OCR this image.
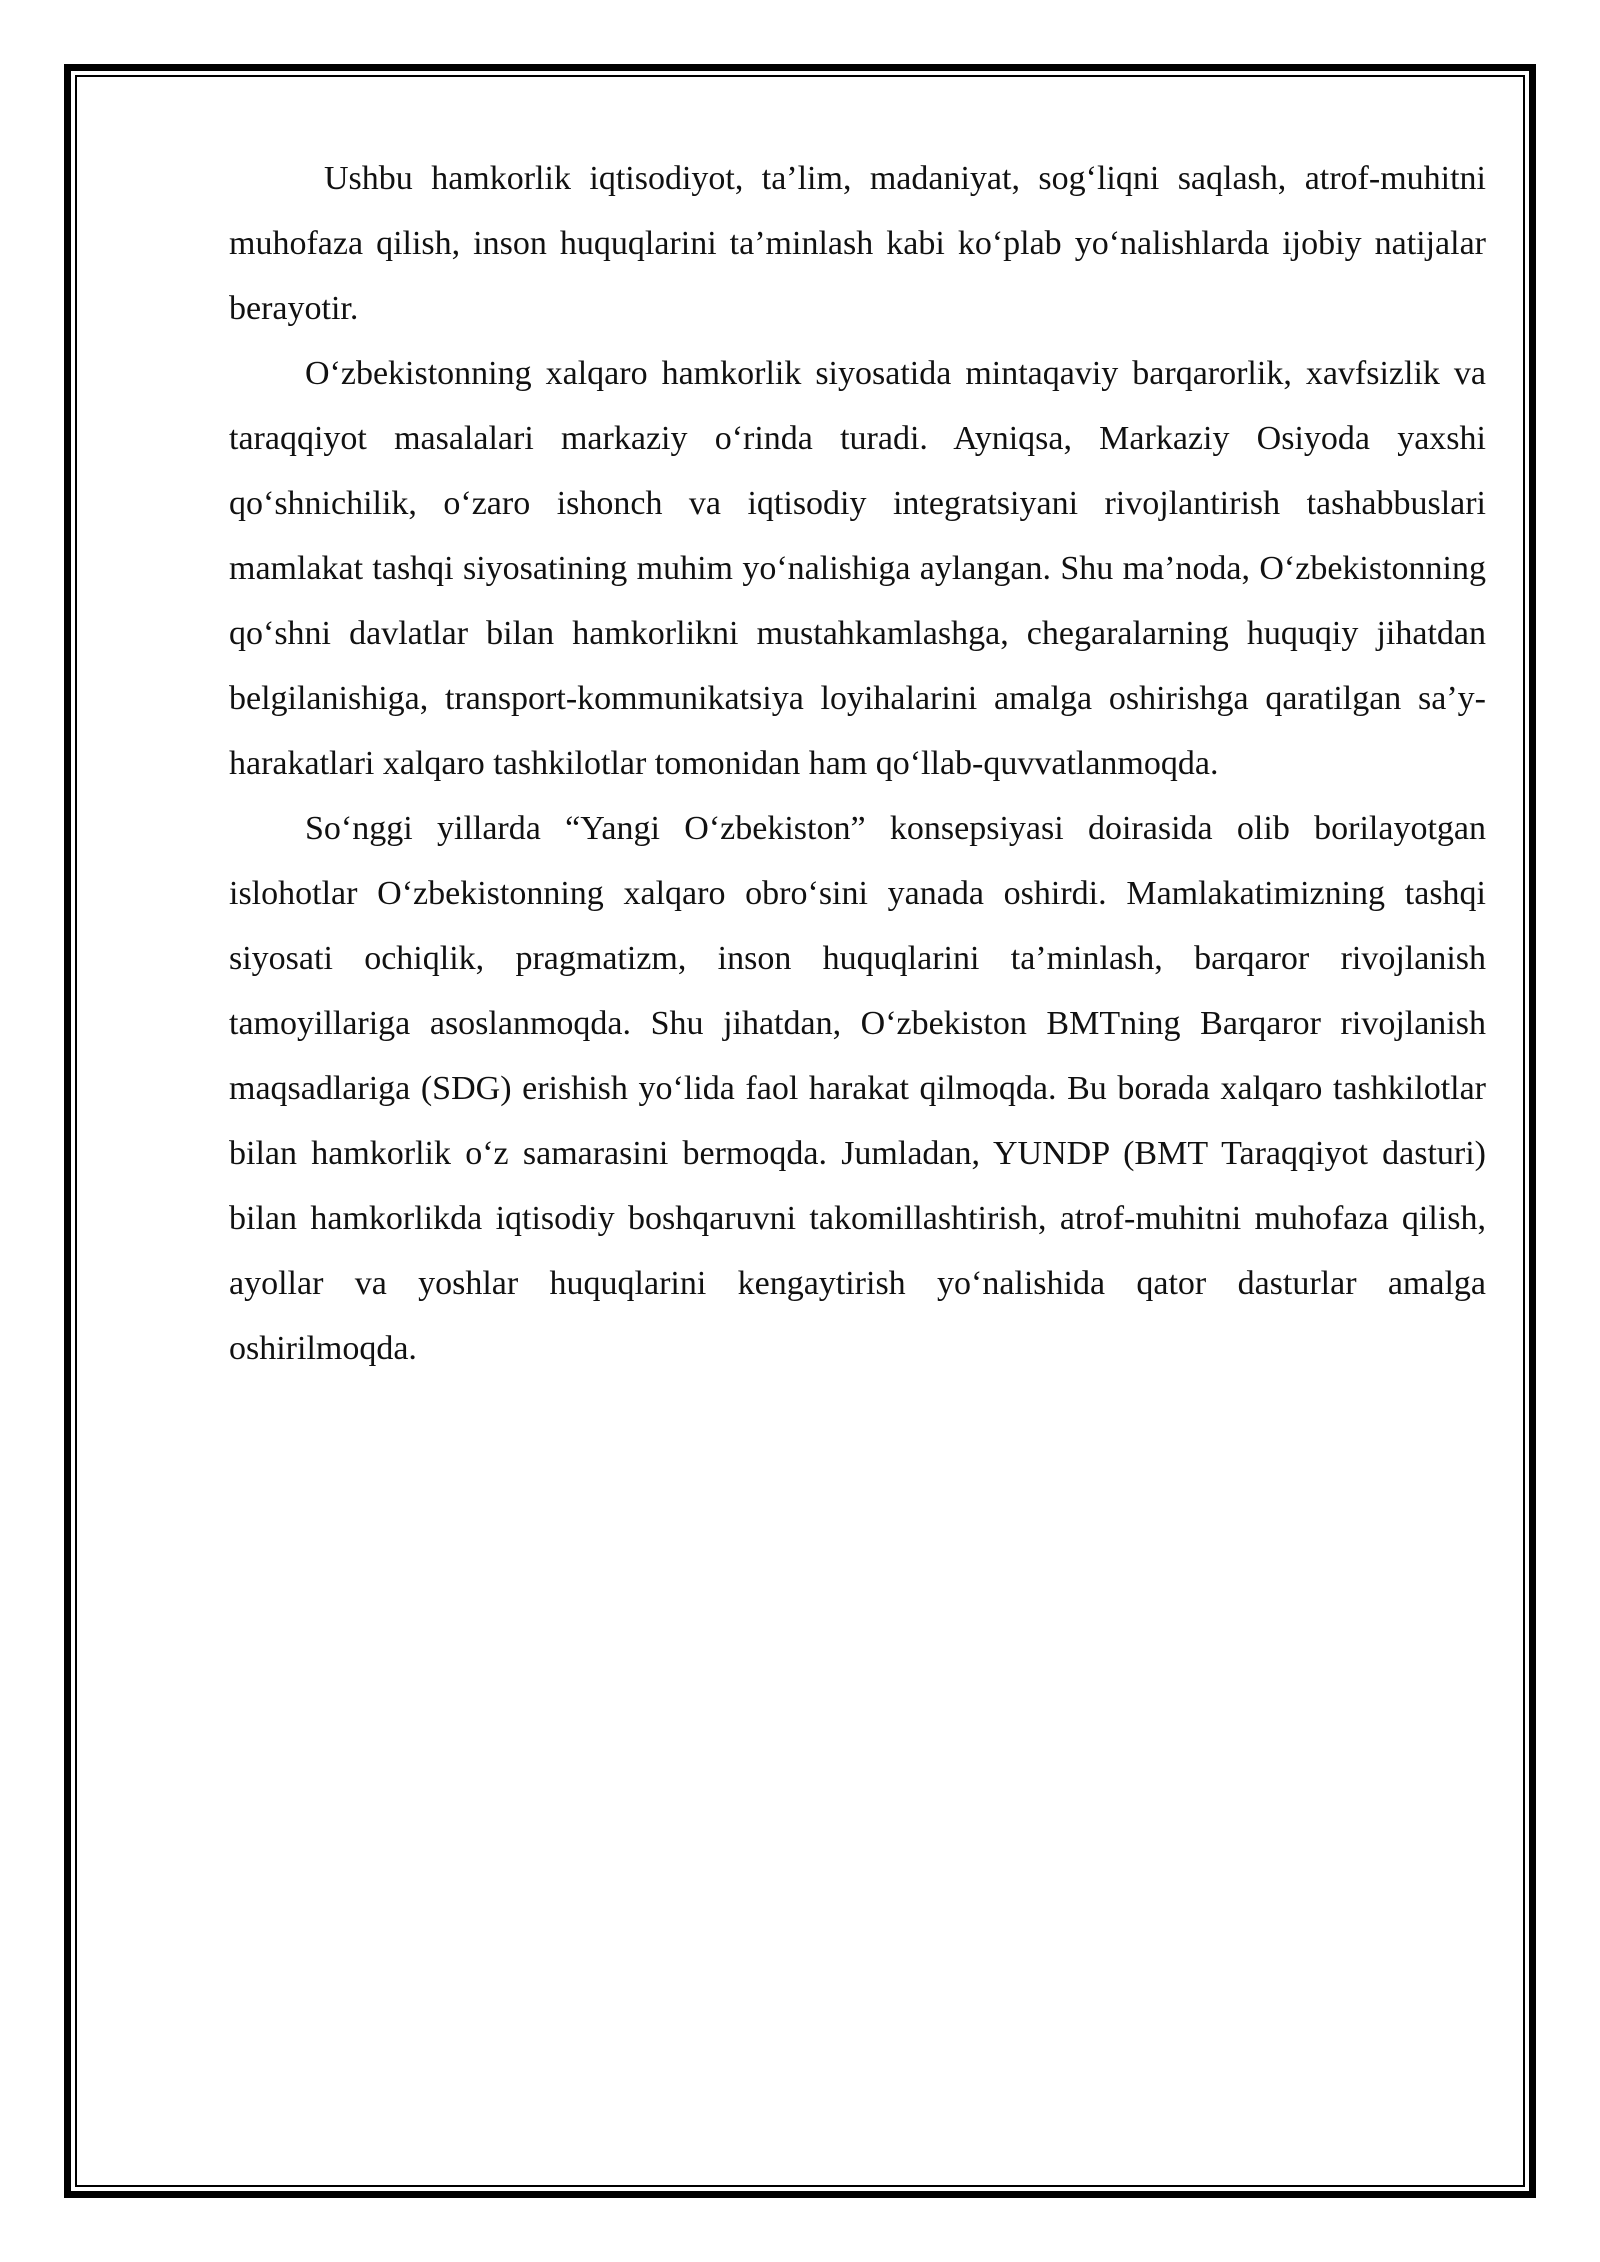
Ushbu hamkorlik iqtisodiyot, ta’lim, madaniyat, sog‘liqni saqlash, atrof-muhitni muhofaza qilish, inson huquqlarini ta’minlash kabi ko‘plab yo‘nalishlarda ijobiy natijalar berayotir.

O‘zbekistonning xalqaro hamkorlik siyosatida mintaqaviy barqarorlik, xavfsizlik va taraqqiyot masalalari markaziy o‘rinda turadi. Ayniqsa, Markaziy Osiyoda yaxshi qo‘shnichilik, o‘zaro ishonch va iqtisodiy integratsiyani rivojlantirish tashabbuslari mamlakat tashqi siyosatining muhim yo‘nalishiga aylangan. Shu ma’noda, O‘zbekistonning qo‘shni davlatlar bilan hamkorlikni mustahkamlashga, chegaralarning huquqiy jihatdan belgilanishiga, transport-kommunikatsiya loyihalarini amalga oshirishga qaratilgan sa’y-harakatlari xalqaro tashkilotlar tomonidan ham qo‘llab-quvvatlanmoqda.

So‘nggi yillarda “Yangi O‘zbekiston” konsepsiyasi doirasida olib borilayotgan islohotlar O‘zbekistonning xalqaro obro‘sini yanada oshirdi. Mamlakatimizning tashqi siyosati ochiqlik, pragmatizm, inson huquqlarini ta’minlash, barqaror rivojlanish tamoyillariga asoslanmoqda. Shu jihatdan, O‘zbekiston BMTning Barqaror rivojlanish maqsadlariga (SDG) erishish yo‘lida faol harakat qilmoqda. Bu borada xalqaro tashkilotlar bilan hamkorlik o‘z samarasini bermoqda. Jumladan, YUNDP (BMT Taraqqiyot dasturi) bilan hamkorlikda iqtisodiy boshqaruvni takomillashtirish, atrof-muhitni muhofaza qilish, ayollar va yoshlar huquqlarini kengaytirish yo‘nalishida qator dasturlar amalga oshirilmoqda.
